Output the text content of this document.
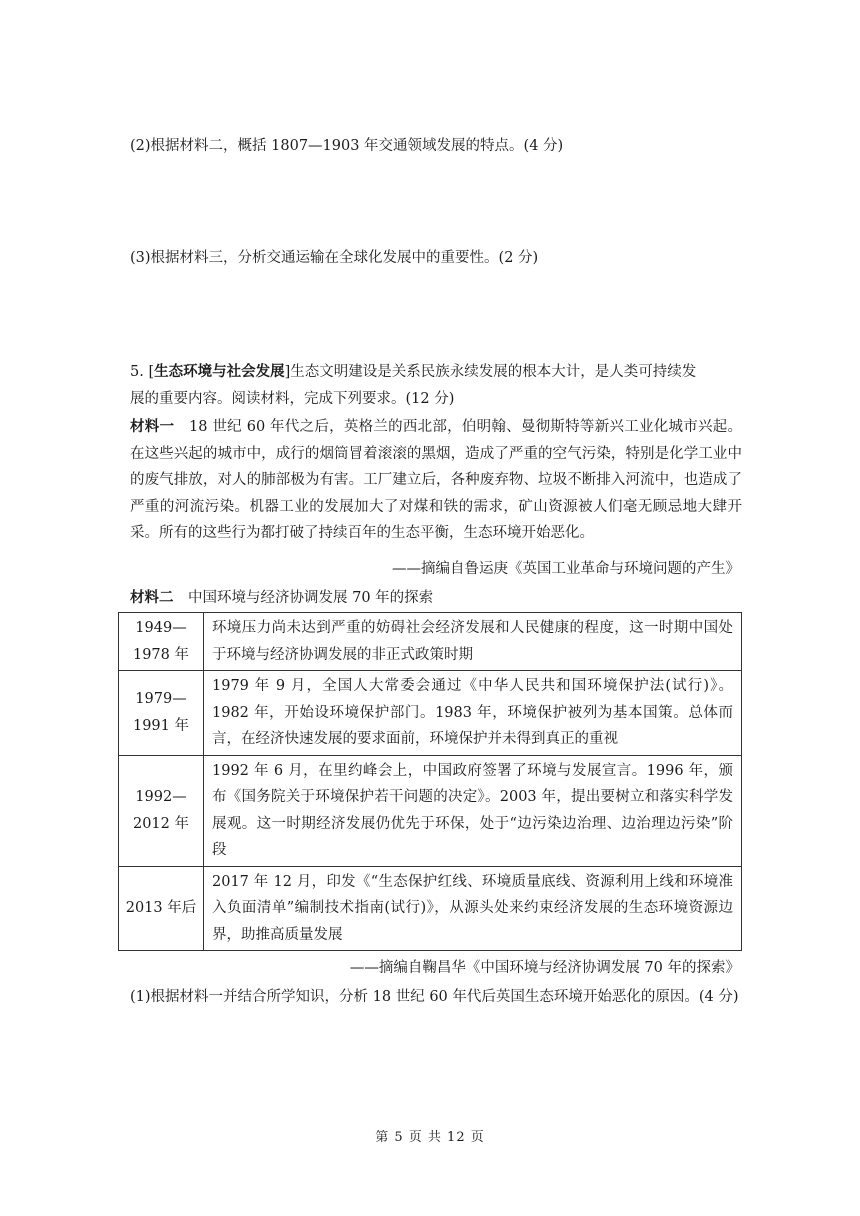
(2)根据材料二，概括 1807—1903 年交通领域发展的特点。(4 分)
(3)根据材料三，分析交通运输在全球化发展中的重要性。(2 分)
5. [生态环境与社会发展]生态文明建设是关系民族永续发展的根本大计，是人类可持续发
展的重要内容。阅读材料，完成下列要求。(12 分)
材料一　18 世纪 60 年代之后，英格兰的西北部，伯明翰、曼彻斯特等新兴工业化城市兴起。在这些兴起的城市中，成行的烟筒冒着滚滚的黑烟，造成了严重的空气污染，特别是化学工业中的废气排放，对人的肺部极为有害。工厂建立后，各种废弃物、垃圾不断排入河流中，也造成了严重的河流污染。机器工业的发展加大了对煤和铁的需求，矿山资源被人们毫无顾忌地大肆开采。所有的这些行为都打破了持续百年的生态平衡，生态环境开始恶化。
——摘编自鲁运庚《英国工业革命与环境问题的产生》
材料二　中国环境与经济协调发展 70 年的探索
1949—
1978 年	环境压力尚未达到严重的妨碍社会经济发展和人民健康的程度，这一时期中国处于环境与经济协调发展的非正式政策时期

1979—
1991 年	1979 年 9 月，全国人大常委会通过《中华人民共和国环境保护法(试行)》。1982 年，开始设环境保护部门。1983 年，环境保护被列为基本国策。总体而言，在经济快速发展的要求面前，环境保护并未得到真正的重视

1992—
2012 年	1992 年 6 月，在里约峰会上，中国政府签署了环境与发展宣言。1996 年，颁布《国务院关于环境保护若干问题的决定》。2003 年，提出要树立和落实科学发展观。这一时期经济发展仍优先于环保，处于“边污染边治理、边治理边污染”阶段

2013 年后	2017 年 12 月，印发《“生态保护红线、环境质量底线、资源利用上线和环境准入负面清单”编制技术指南(试行)》，从源头处来约束经济发展的生态环境资源边界，助推高质量发展
——摘编自鞠昌华《中国环境与经济协调发展 70 年的探索》
(1)根据材料一并结合所学知识，分析 18 世纪 60 年代后英国生态环境开始恶化的原因。(4 分)
第 5 页 共 12 页
